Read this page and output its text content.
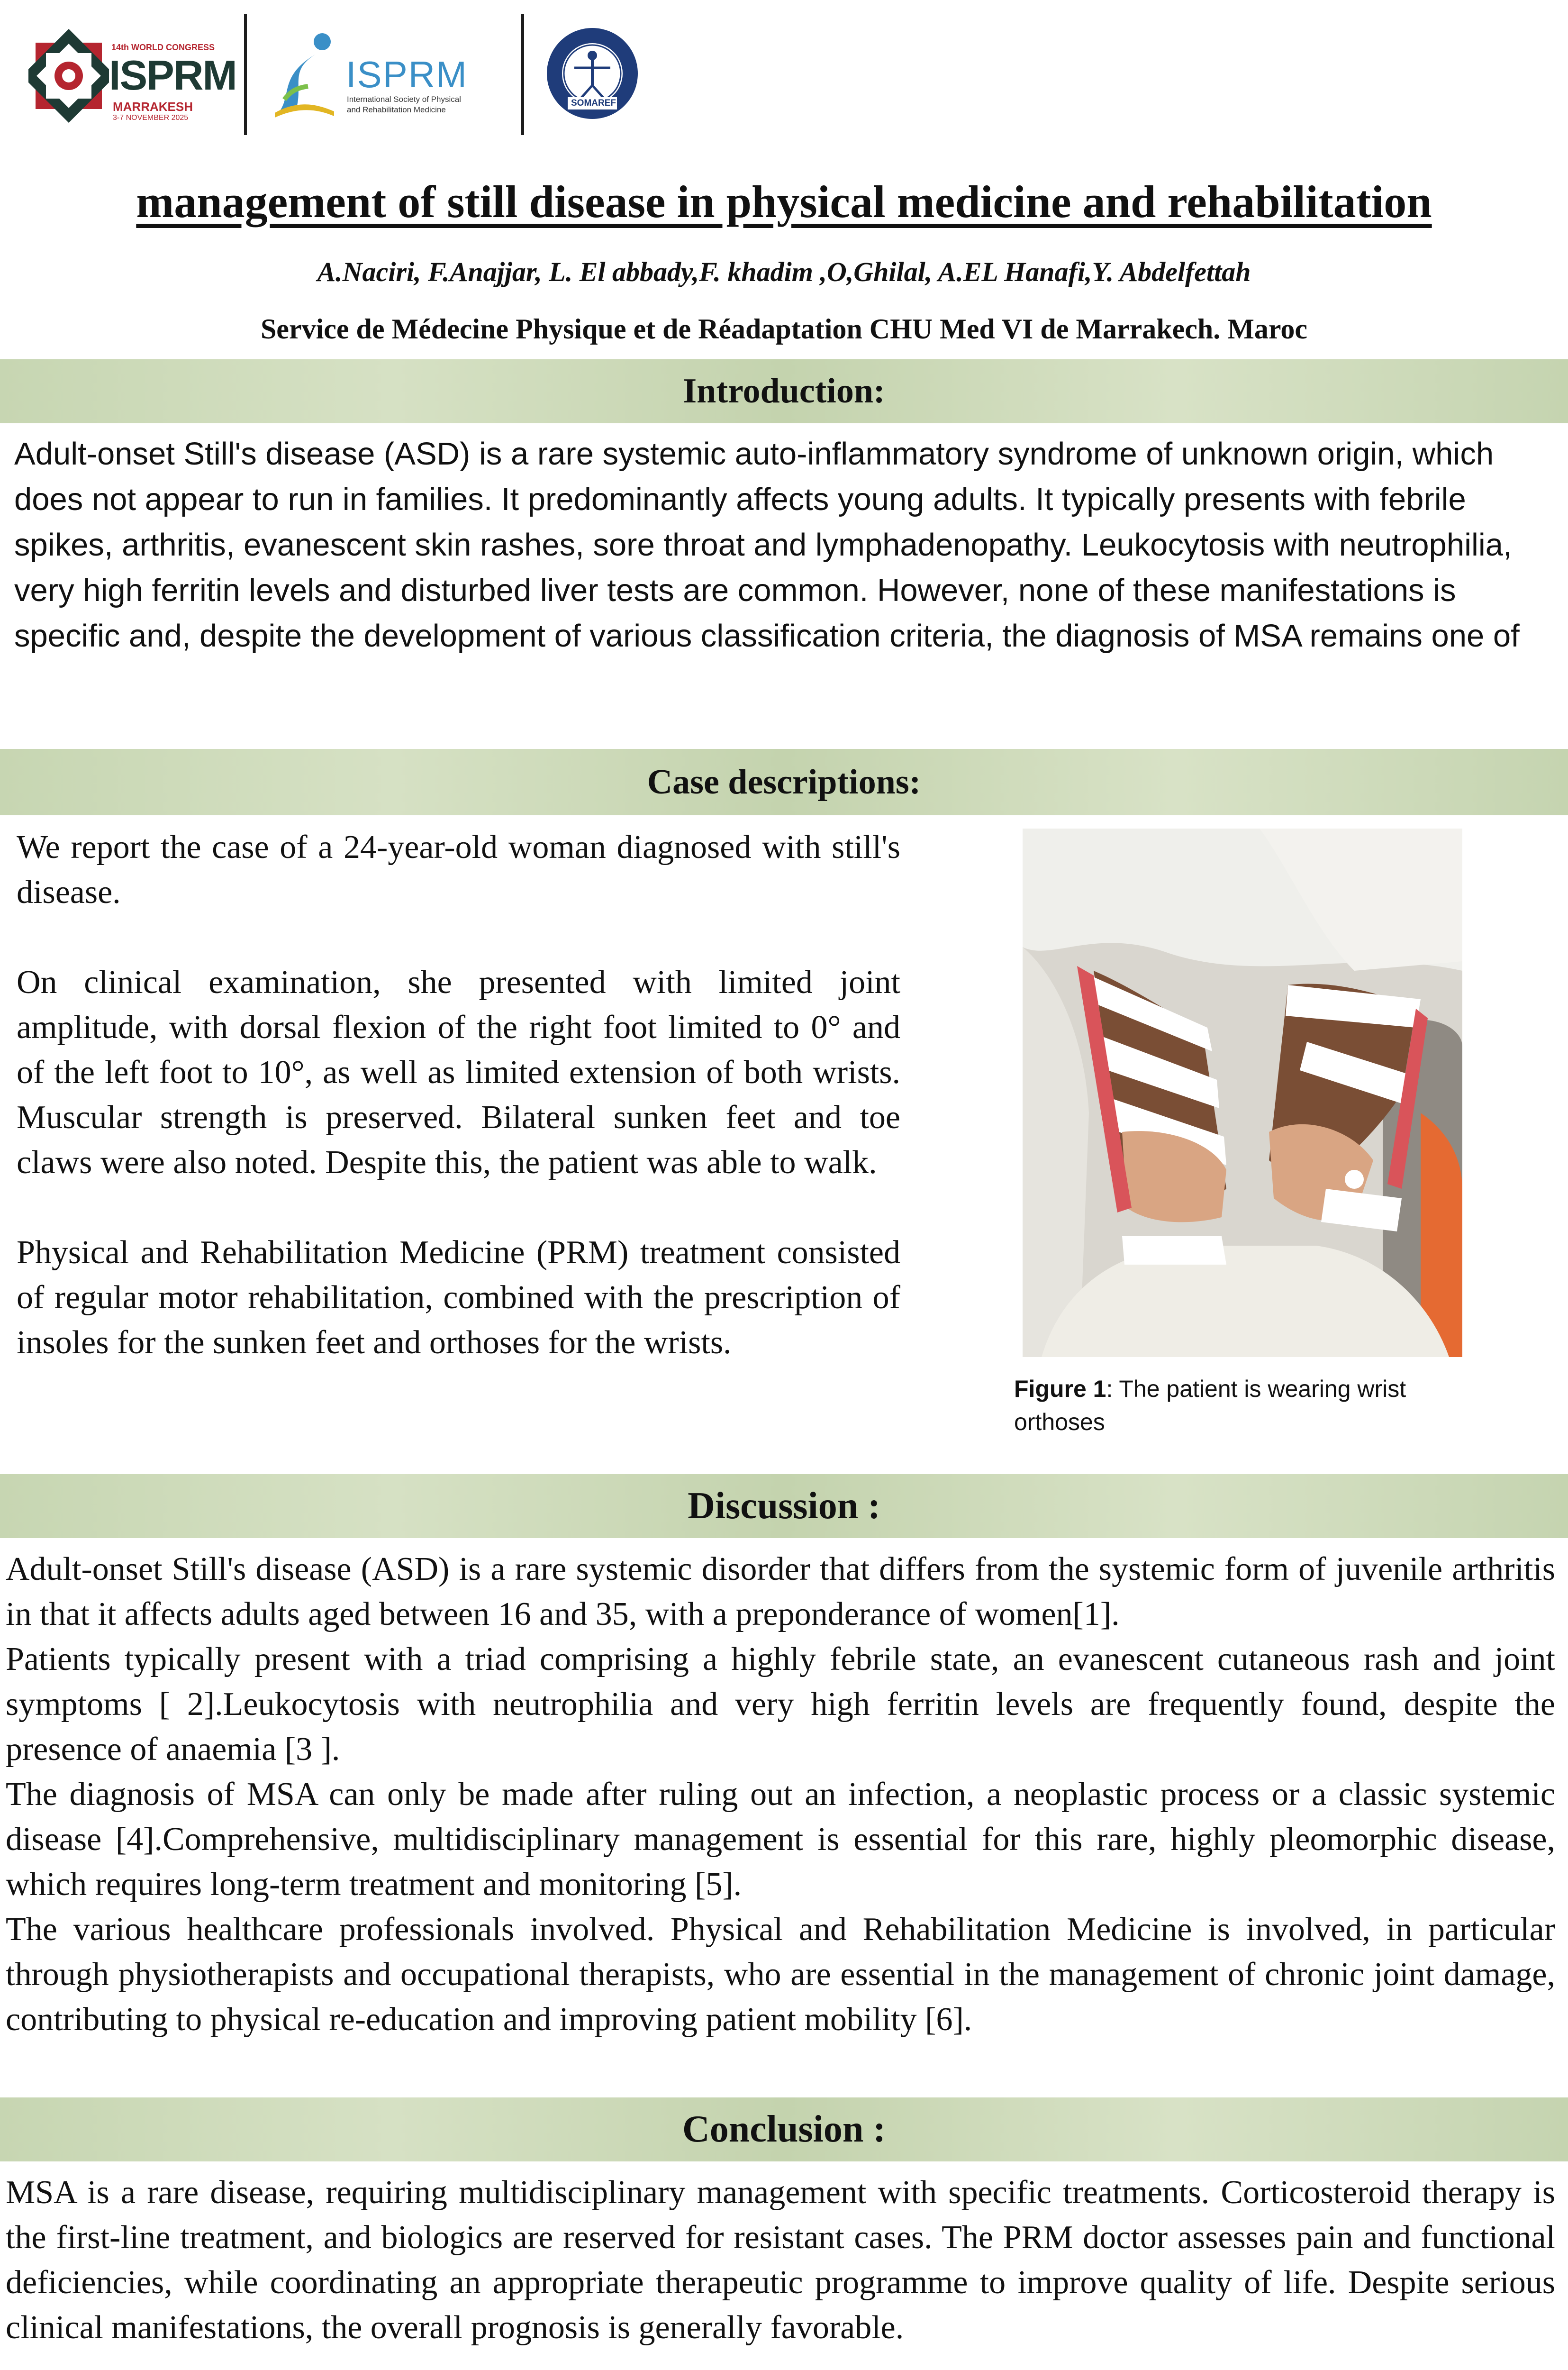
14th WORLD CONGRESS
ISPRM
MARRAKESH
3-7 NOVEMBER 2025
ISPRM
International Society of Physical
and Rehabilitation Medicine
SOMAREF
management of still disease in physical medicine and rehabilitation
A.Naciri, F.Anajjar, L. El abbady,F. khadim ,O,Ghilal, A.EL Hanafi,Y. Abdelfettah
Service de Médecine Physique et de Réadaptation CHU Med VI de Marrakech. Maroc
Introduction:
Adult-onset Still's disease (ASD) is a rare systemic auto-inflammatory syndrome of unknown origin, which does not appear to run in families. It predominantly affects young adults. It typically presents with febrile spikes, arthritis, evanescent skin rashes, sore throat and lymphadenopathy. Leukocytosis with neutrophilia, very high ferritin levels and disturbed liver tests are common. However, none of these manifestations is specific and, despite the development of various classification criteria, the diagnosis of MSA remains one of
Case descriptions:
We report the case of a 24-year-old woman diagnosed with still's disease.
On clinical examination, she presented with limited joint amplitude, with dorsal flexion of the right foot limited to 0° and of the left foot to 10°, as well as limited extension of both wrists. Muscular strength is preserved. Bilateral sunken feet and toe claws were also noted. Despite this, the patient was able to walk.
Physical and Rehabilitation Medicine (PRM) treatment consisted of regular motor rehabilitation, combined with the prescription of insoles for the sunken feet and orthoses for the wrists.
Figure 1: The patient is wearing wrist orthoses
Discussion :
Adult-onset Still's disease (ASD) is a rare systemic disorder that differs from the systemic form of juvenile arthritis in that it affects adults aged between 16 and 35, with a preponderance of women[1].
Patients typically present with a triad comprising a highly febrile state, an evanescent cutaneous rash and joint symptoms [ 2].Leukocytosis with neutrophilia and very high ferritin levels are frequently found, despite the presence of anaemia [3 ].
The diagnosis of MSA can only be made after ruling out an infection, a neoplastic process or a classic systemic disease [4].Comprehensive, multidisciplinary management is essential for this rare, highly pleomorphic disease, which requires long-term treatment and monitoring [5].
The various healthcare professionals involved. Physical and Rehabilitation Medicine is involved, in particular through physiotherapists and occupational therapists, who are essential in the management of chronic joint damage, contributing to physical re-education and improving patient mobility [6].
Conclusion :
MSA is a rare disease, requiring multidisciplinary management with specific treatments. Corticosteroid therapy is the first-line treatment, and biologics are reserved for resistant cases. The PRM doctor assesses pain and functional deficiencies, while coordinating an appropriate therapeutic programme to improve quality of life. Despite serious clinical manifestations, the overall prognosis is generally favorable.
